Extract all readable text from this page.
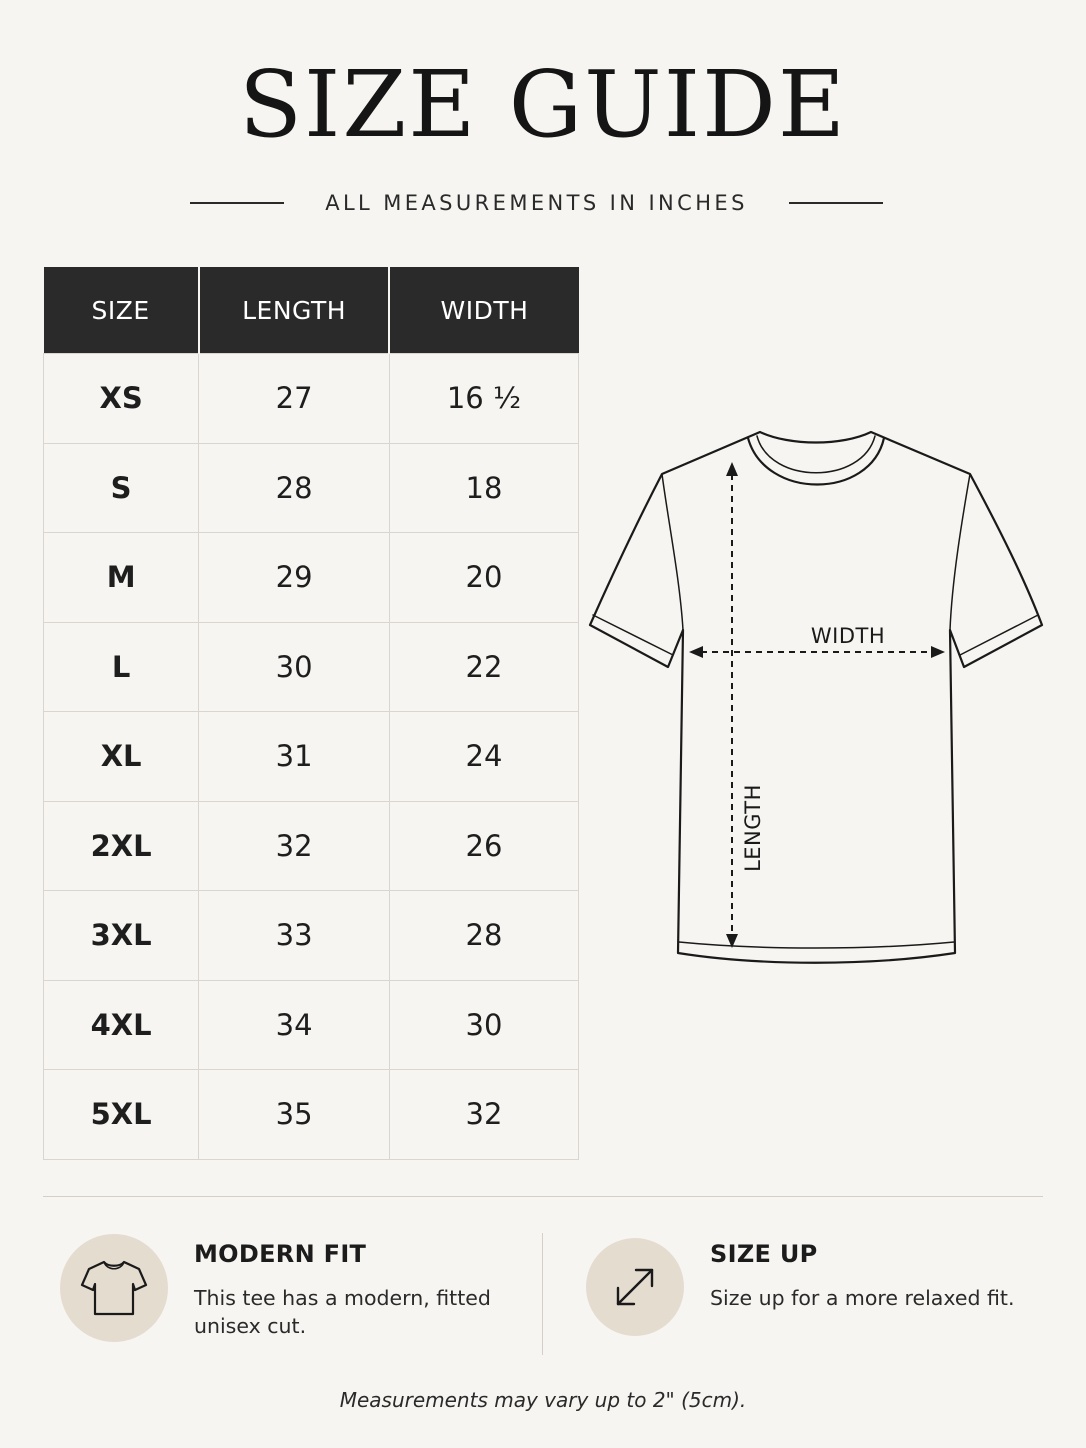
SIZE GUIDE
ALL MEASUREMENTS IN INCHES
SIZE	LENGTH	WIDTH
XS	27	16 ½
S	28	18
M	29	20
L	30	22
XL	31	24
2XL	32	26
3XL	33	28
4XL	34	30
5XL	35	32
WIDTH
LENGTH
MODERN FIT
This tee has a modern, fitted unisex cut.
SIZE UP
Size up for a more relaxed fit.
Measurements may vary up to 2" (5cm).
